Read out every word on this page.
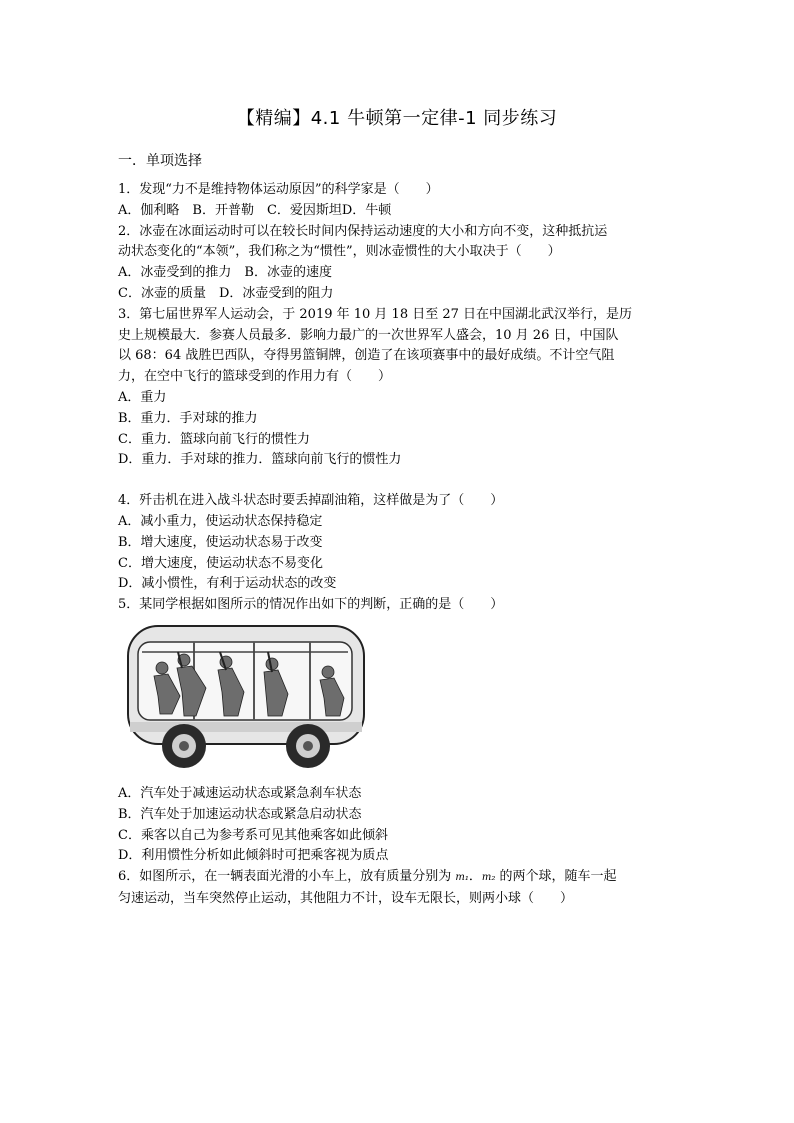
【精编】4.1 牛顿第一定律-1 同步练习
一．单项选择
1．发现“力不是维持物体运动原因”的科学家是（　　）
A．伽利略　B．开普勒　C．爱因斯坦D．牛顿
2．冰壶在冰面运动时可以在较长时间内保持运动速度的大小和方向不变，这种抵抗运
动状态变化的“本领”，我们称之为“惯性”，则冰壶惯性的大小取决于（　　）
A．冰壶受到的推力　B．冰壶的速度
C．冰壶的质量　D．冰壶受到的阻力
3．第七届世界军人运动会，于 2019 年 10 月 18 日至 27 日在中国湖北武汉举行，是历
史上规模最大．参赛人员最多．影响力最广的一次世界军人盛会，10 月 26 日，中国队
以 68：64 战胜巴西队，夺得男篮铜牌，创造了在该项赛事中的最好成绩。不计空气阻
力，在空中飞行的篮球受到的作用力有（　　）
A．重力
B．重力．手对球的推力
C．重力．篮球向前飞行的惯性力
D．重力．手对球的推力．篮球向前飞行的惯性力
4．歼击机在进入战斗状态时要丢掉副油箱，这样做是为了（　　）
A．减小重力，使运动状态保持稳定
B．增大速度，使运动状态易于改变
C．增大速度，使运动状态不易变化
D．减小惯性，有利于运动状态的改变
5．某同学根据如图所示的情况作出如下的判断，正确的是（　　）
A．汽车处于减速运动状态或紧急刹车状态
B．汽车处于加速运动状态或紧急启动状态
C．乘客以自己为参考系可见其他乘客如此倾斜
D．利用惯性分析如此倾斜时可把乘客视为质点
6．如图所示，在一辆表面光滑的小车上，放有质量分别为 m₁．m₂ 的两个球，随车一起
匀速运动，当车突然停止运动，其他阻力不计，设车无限长，则两小球（　　）
